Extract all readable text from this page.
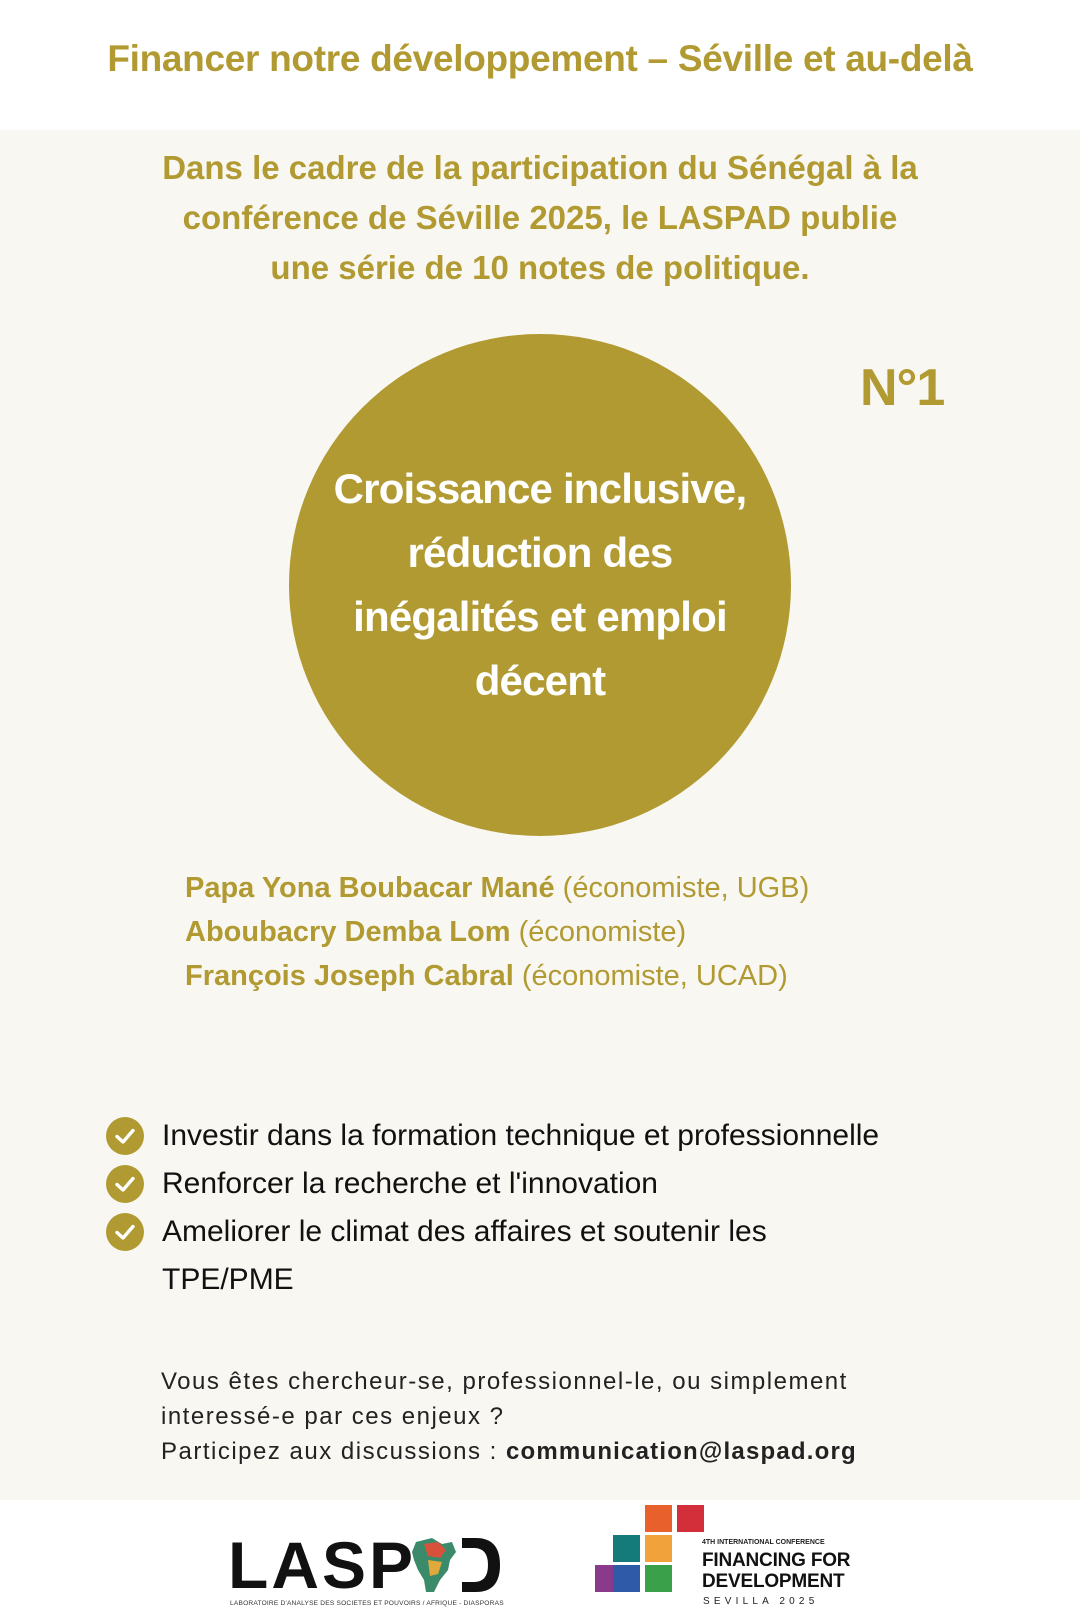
Financer notre développement – Séville et au-delà
Dans le cadre de la participation du Sénégal à la
conférence de Séville 2025, le LASPAD publie
une série de 10 notes de politique.
N°1
Croissance inclusive,
réduction des
inégalités et emploi
décent
Papa Yona Boubacar Mané (économiste, UGB)
Aboubacry Demba Lom (économiste)
François Joseph Cabral (économiste, UCAD)
Investir dans la formation technique et professionnelle
Renforcer la recherche et l'innovation
Ameliorer le climat des affaires et soutenir les
TPE/PME
Vous êtes chercheur-se, professionnel-le, ou simplement
interessé-e par ces enjeux ?
Participez aux discussions : communication@laspad.org
LASP
LABORATOIRE D'ANALYSE DES SOCIETES ET POUVOIRS / AFRIQUE - DIASPORAS
4TH INTERNATIONAL CONFERENCE
FINANCING FOR
DEVELOPMENT
SEVILLA 2025
